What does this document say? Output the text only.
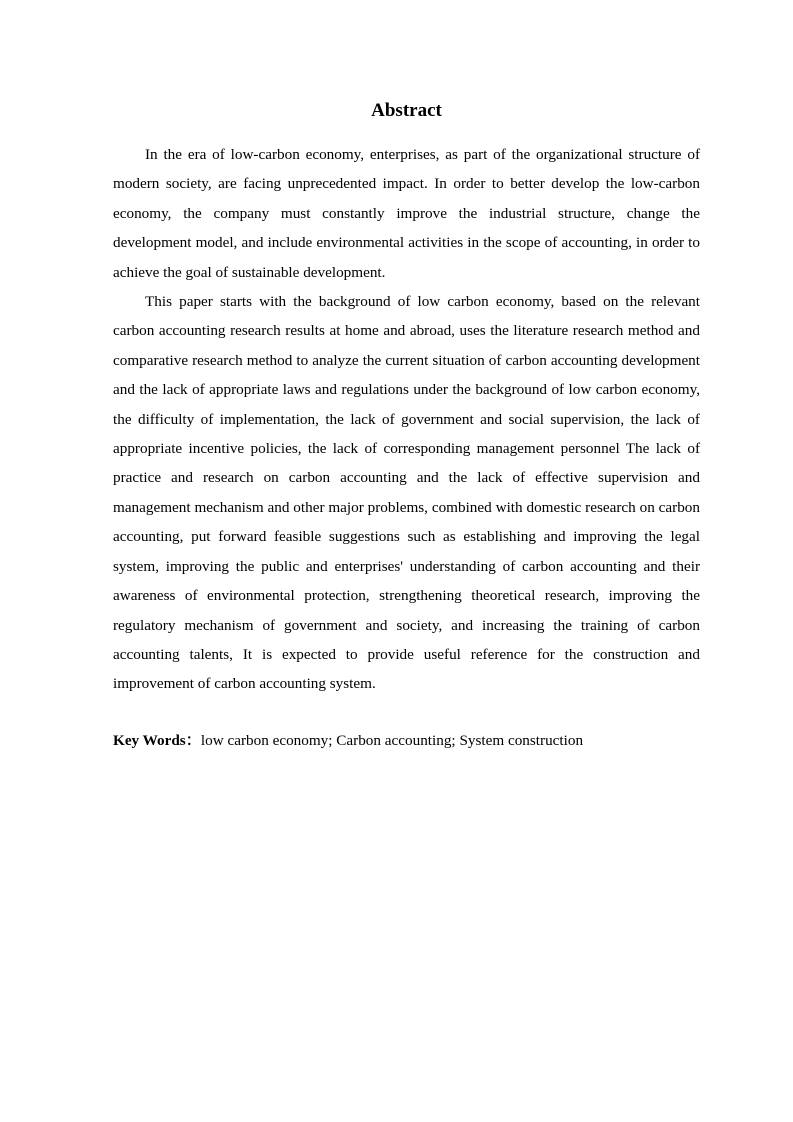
Abstract

In the era of low-carbon economy, enterprises, as part of the organizational structure of modern society, are facing unprecedented impact. In order to better develop the low-carbon economy, the company must constantly improve the industrial structure, change the development model, and include environmental activities in the scope of accounting, in order to achieve the goal of sustainable development.

This paper starts with the background of low carbon economy, based on the relevant carbon accounting research results at home and abroad, uses the literature research method and comparative research method to analyze the current situation of carbon accounting development and the lack of appropriate laws and regulations under the background of low carbon economy, the difficulty of implementation, the lack of government and social supervision, the lack of appropriate incentive policies, the lack of corresponding management personnel The lack of practice and research on carbon accounting and the lack of effective supervision and management mechanism and other major problems, combined with domestic research on carbon accounting, put forward feasible suggestions such as establishing and improving the legal system, improving the public and enterprises' understanding of carbon accounting and their awareness of environmental protection, strengthening theoretical research, improving the regulatory mechanism of government and society, and increasing the training of carbon accounting talents, It is expected to provide useful reference for the construction and improvement of carbon accounting system.

Key Words：low carbon economy; Carbon accounting; System construction
